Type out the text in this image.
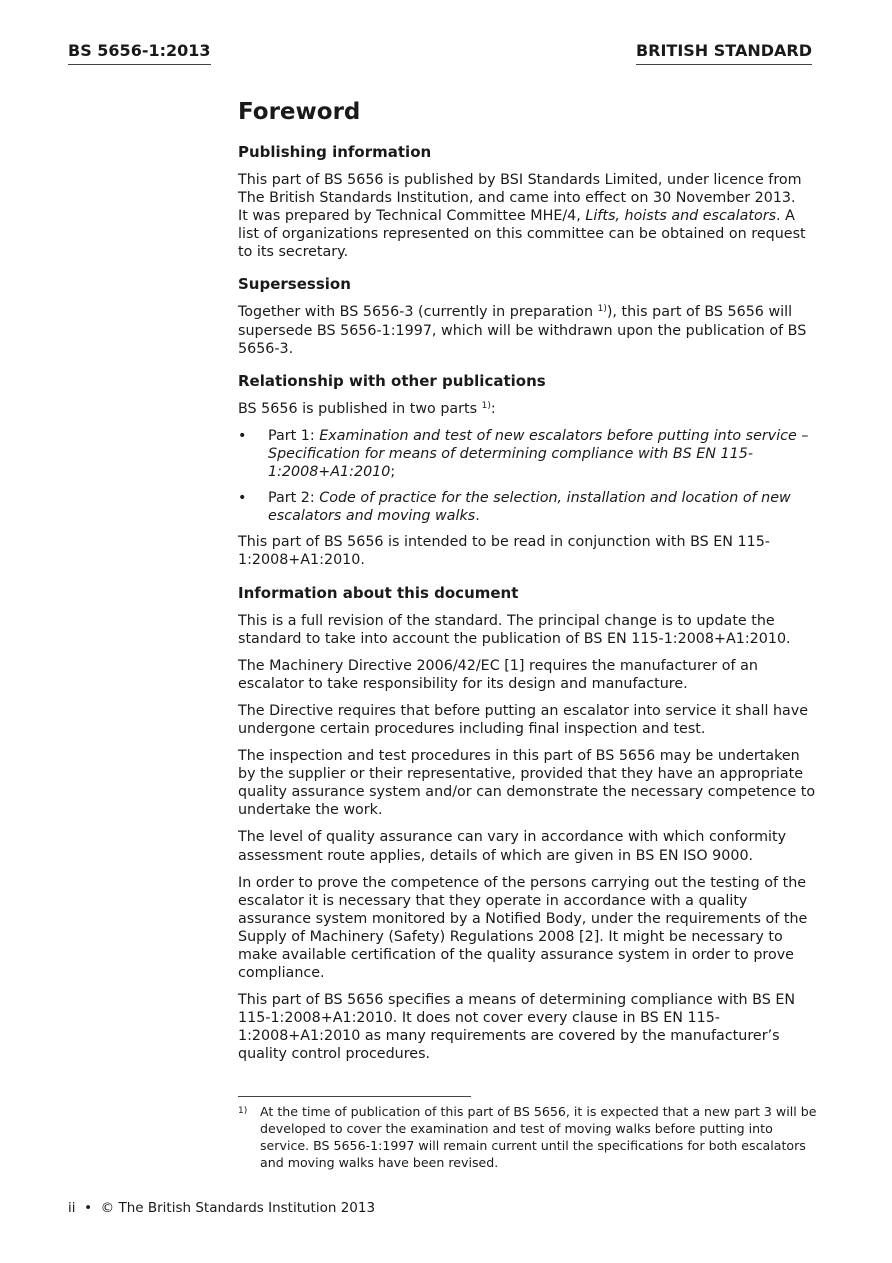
BS 5656-1:2013	BRITISH STANDARD
Foreword
Publishing information

This part of BS 5656 is published by BSI Standards Limited, under licence from The British Standards Institution, and came into effect on 30 November 2013.

It was prepared by Technical Committee MHE/4, Lifts, hoists and escalators. A list of organizations represented on this committee can be obtained on request to its secretary.

Supersession

Together with BS 5656-3 (currently in preparation $^{1)}$), this part of BS 5656 will supersede BS 5656-1:1997, which will be withdrawn upon the publication of BS 5656-3.

Relationship with other publications

BS 5656 is published in two parts $^{1)}$:

• Part 1: Examination and test of new escalators before putting into service – Specification for means of determining compliance with BS EN 115-1:2008+A1:2010;
• Part 2: Code of practice for the selection, installation and location of new escalators and moving walks.

This part of BS 5656 is intended to be read in conjunction with BS EN 115-1:2008+A1:2010.

Information about this document

This is a full revision of the standard. The principal change is to update the standard to take into account the publication of BS EN 115-1:2008+A1:2010.

The Machinery Directive 2006/42/EC [1] requires the manufacturer of an escalator to take responsibility for its design and manufacture.

The Directive requires that before putting an escalator into service it shall have undergone certain procedures including final inspection and test.

The inspection and test procedures in this part of BS 5656 may be undertaken by the supplier or their representative, provided that they have an appropriate quality assurance system and/or can demonstrate the necessary competence to undertake the work.

The level of quality assurance can vary in accordance with which conformity assessment route applies, details of which are given in BS EN ISO 9000.

In order to prove the competence of the persons carrying out the testing of the escalator it is necessary that they operate in accordance with a quality assurance system monitored by a Notified Body, under the requirements of the Supply of Machinery (Safety) Regulations 2008 [2]. It might be necessary to make available certification of the quality assurance system in order to prove compliance.

This part of BS 5656 specifies a means of determining compliance with BS EN 115-1:2008+A1:2010. It does not cover every clause in BS EN 115-1:2008+A1:2010 as many requirements are covered by the manufacturer’s quality control procedures.

1)	At the time of publication of this part of BS 5656, it is expected that a new part 3 will be developed to cover the examination and test of moving walks before putting into service. BS 5656-1:1997 will remain current until the specifications for both escalators and moving walks have been revised.
ii • © The British Standards Institution 2013
